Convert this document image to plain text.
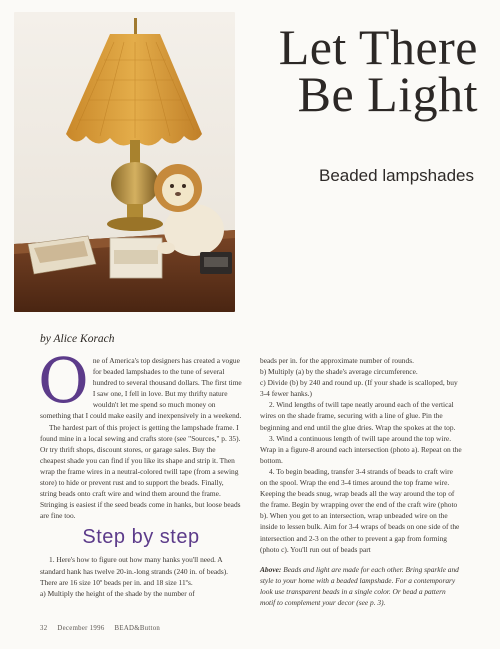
Let There
Be Light
Beaded lampshades
by Alice Korach

One of America's top designers has created a vogue for beaded lampshades to the tune of several hundred to several thousand dollars. The first time I saw one, I fell in love. But my thrifty nature wouldn't let me spend so much money on something that I could make easily and inexpensively in a weekend.

The hardest part of this project is getting the lampshade frame. I found mine in a local sewing and crafts store (see "Sources," p. 35). Or try thrift shops, discount stores, or garage sales. Buy the cheapest shade you can find if you like its shape and strip it. Then wrap the frame wires in a neutral-colored twill tape (from a sewing store) to hide or prevent rust and to support the beads. Finally, string beads onto craft wire and wind them around the frame. Stringing is easiest if the seed beads come in hanks, but loose beads are fine too.

Step by step

1. Here's how to figure out how many hanks you'll need. A standard hank has twelve 20-in.-long strands (240 in. of beads). There are 16 size 10º beads per in. and 18 size 11ºs.

a) Multiply the height of the shade by the number of

beads per in. for the approximate number of rounds.

b) Multiply (a) by the shade's average circumference.

c) Divide (b) by 240 and round up. (If your shade is scalloped, buy 3-4 fewer hanks.)

2. Wind lengths of twill tape neatly around each of the vertical wires on the shade frame, securing with a line of glue. Pin the beginning and end until the glue dries. Wrap the spokes at the top.

3. Wind a continuous length of twill tape around the top wire. Wrap in a figure-8 around each intersection (photo a). Repeat on the bottom.

4. To begin beading, transfer 3-4 strands of beads to craft wire on the spool. Wrap the end 3-4 times around the top frame wire. Keeping the beads snug, wrap beads all the way around the top of the frame. Begin by wrapping over the end of the craft wire (photo b). When you get to an intersection, wrap unbeaded wire on the inside to lessen bulk. Aim for 3-4 wraps of beads on one side of the intersection and 2-3 on the other to prevent a gap from forming (photo c). You'll run out of beads part

Above: Beads and light are made for each other. Bring sparkle and style to your home with a beaded lampshade. For a contemporary look use transparent beads in a single color. Or bead a pattern motif to complement your decor (see p. 3).

32 December 1996 BEAD&Button
